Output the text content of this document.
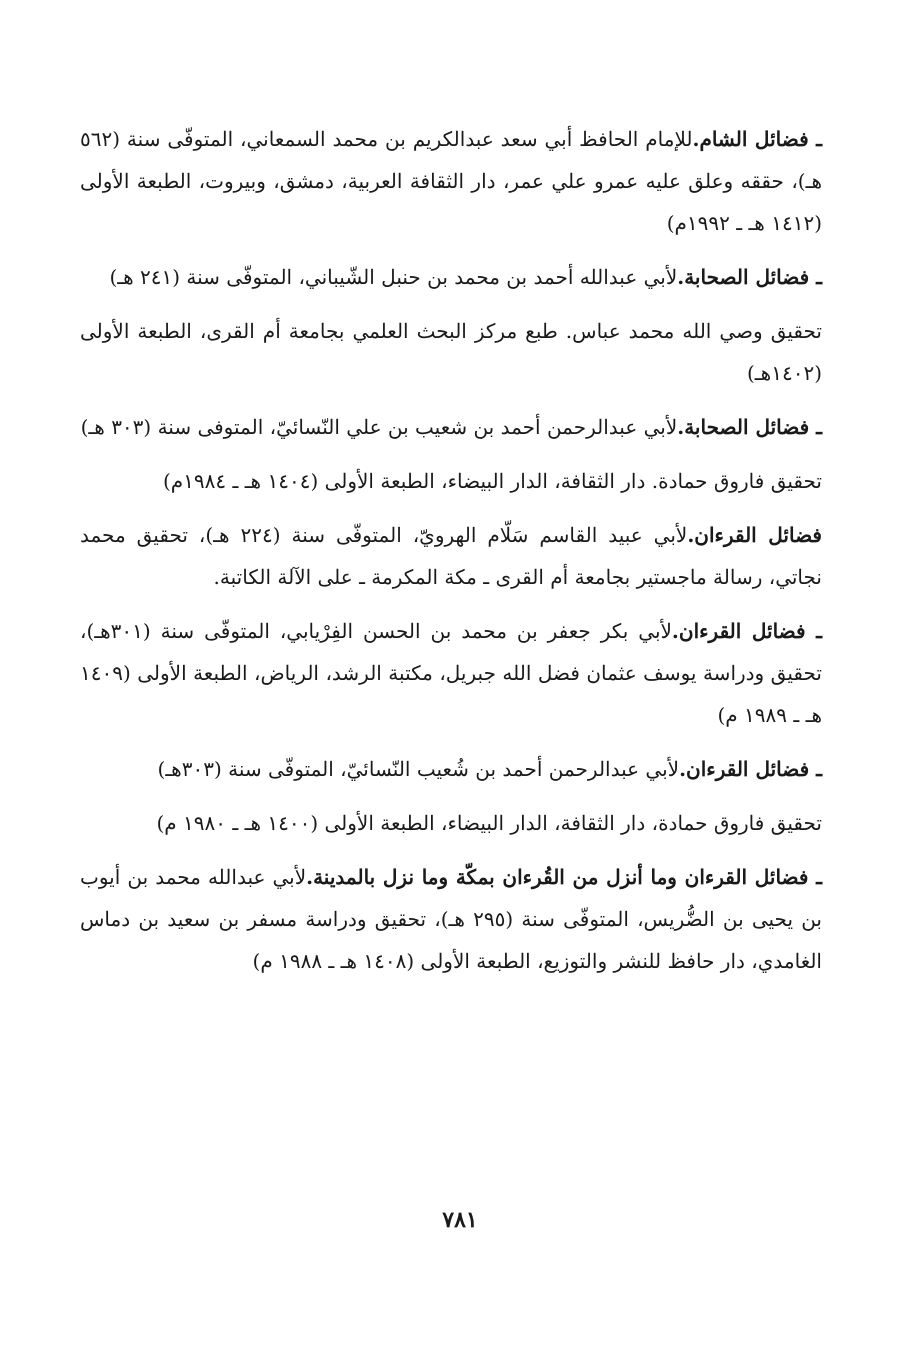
ـ فضائل الشام.للإمام الحافظ أبي سعد عبدالكريم بن محمد السمعاني، المتوفّى سنة (٥٦٢ هـ)، حققه وعلق عليه عمرو علي عمر، دار الثقافة العربية، دمشق، وبيروت، الطبعة الأولى (١٤١٢ هـ ـ ١٩٩٢م)

ـ فضائل الصحابة.لأبي عبدالله أحمد بن محمد بن حنبل الشّيباني، المتوفّى سنة (٢٤١ هـ)

تحقيق وصي الله محمد عباس. طبع مركز البحث العلمي بجامعة أم القرى، الطبعة الأولى (١٤٠٢هـ)

ـ فضائل الصحابة.لأبي عبدالرحمن أحمد بن شعيب بن علي النّسائيّ، المتوفى سنة (٣٠٣ هـ)

تحقيق فاروق حمادة. دار الثقافة، الدار البيضاء، الطبعة الأولى (١٤٠٤ هـ ـ ١٩٨٤م)

فضائل القرءان.لأبي عبيد القاسم سَلّام الهرويّ، المتوفّى سنة (٢٢٤ هـ)، تحقيق محمد نجاتي، رسالة ماجستير بجامعة أم القرى ـ مكة المكرمة ـ على الآلة الكاتبة.

ـ فضائل القرءان.لأبي بكر جعفر بن محمد بن الحسن الفِرْيابي، المتوفّى سنة (٣٠١هـ)، تحقيق ودراسة يوسف عثمان فضل الله جبريل، مكتبة الرشد، الرياض، الطبعة الأولى (١٤٠٩ هـ ـ ١٩٨٩ م)

ـ فضائل القرءان.لأبي عبدالرحمن أحمد بن شُعيب النّسائيّ، المتوفّى سنة (٣٠٣هـ)

تحقيق فاروق حمادة، دار الثقافة، الدار البيضاء، الطبعة الأولى (١٤٠٠ هـ ـ ١٩٨٠ م)

ـ فضائل القرءان وما أنزل من القُرءان بمكّة وما نزل بالمدينة.لأبي عبدالله محمد بن أيوب بن يحيى بن الضُّريس، المتوفّى سنة (٢٩٥ هـ)، تحقيق ودراسة مسفر بن سعيد بن دماس الغامدي، دار حافظ للنشر والتوزيع، الطبعة الأولى (١٤٠٨ هـ ـ ١٩٨٨ م)

٧٨١
